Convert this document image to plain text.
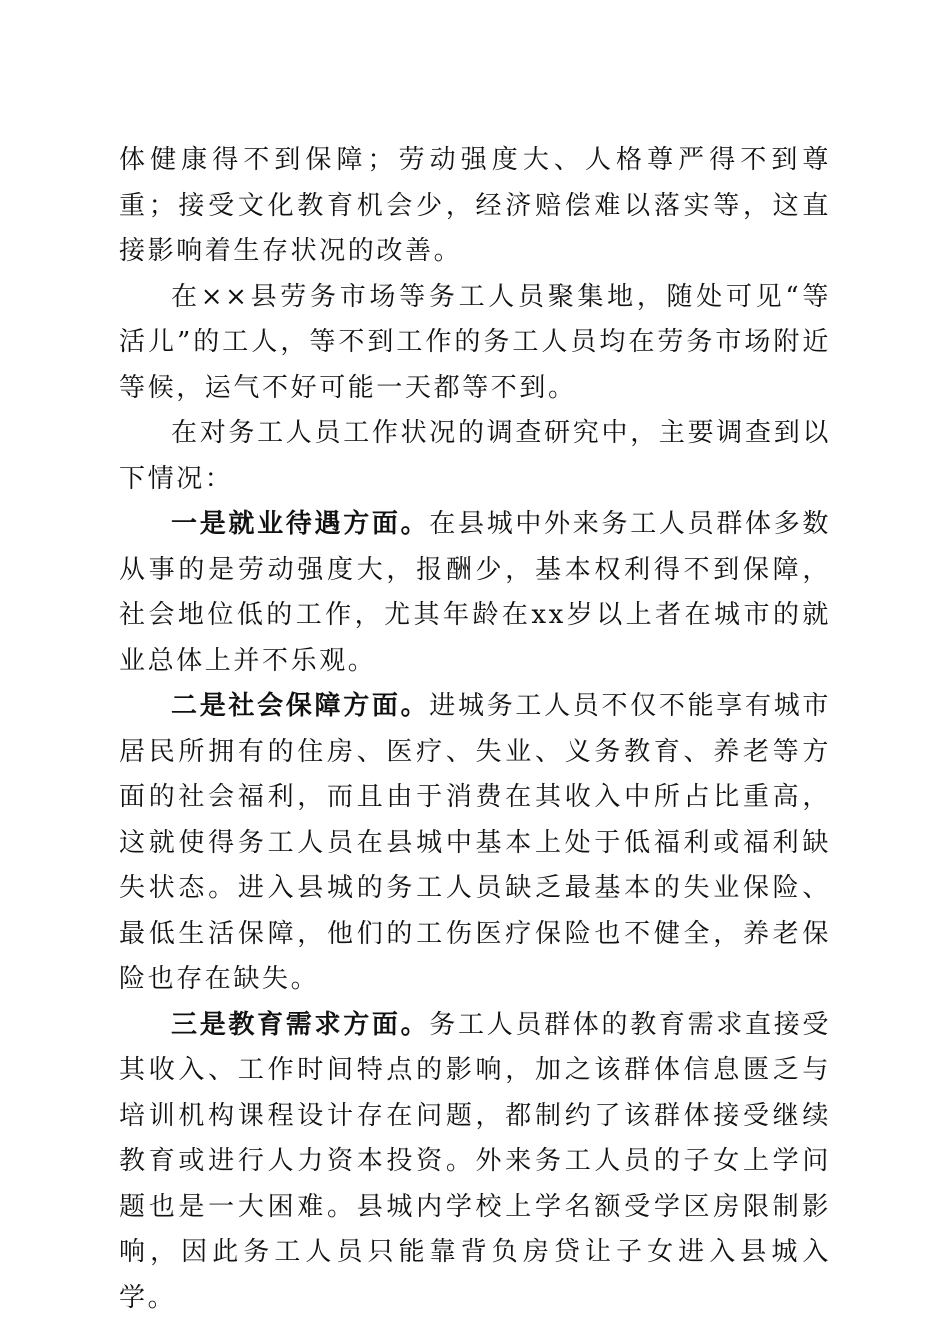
体健康得不到保障；劳动强度大、人格尊严得不到尊重；接受文化教育机会少，经济赔偿难以落实等，这直接影响着生存状况的改善。

在××县劳务市场等务工人员聚集地，随处可见“等活儿”的工人，等不到工作的务工人员均在劳务市场附近等候，运气不好可能一天都等不到。

在对务工人员工作状况的调查研究中，主要调查到以下情况：

一是就业待遇方面。在县城中外来务工人员群体多数从事的是劳动强度大，报酬少，基本权利得不到保障，社会地位低的工作，尤其年龄在xx岁以上者在城市的就业总体上并不乐观。

二是社会保障方面。进城务工人员不仅不能享有城市居民所拥有的住房、医疗、失业、义务教育、养老等方面的社会福利，而且由于消费在其收入中所占比重高，这就使得务工人员在县城中基本上处于低福利或福利缺失状态。进入县城的务工人员缺乏最基本的失业保险、最低生活保障，他们的工伤医疗保险也不健全，养老保险也存在缺失。

三是教育需求方面。务工人员群体的教育需求直接受其收入、工作时间特点的影响，加之该群体信息匮乏与培训机构课程设计存在问题，都制约了该群体接受继续教育或进行人力资本投资。外来务工人员的子女上学问题也是一大困难。县城内学校上学名额受学区房限制影响，因此务工人员只能靠背负房贷让子女进入县城入学。
